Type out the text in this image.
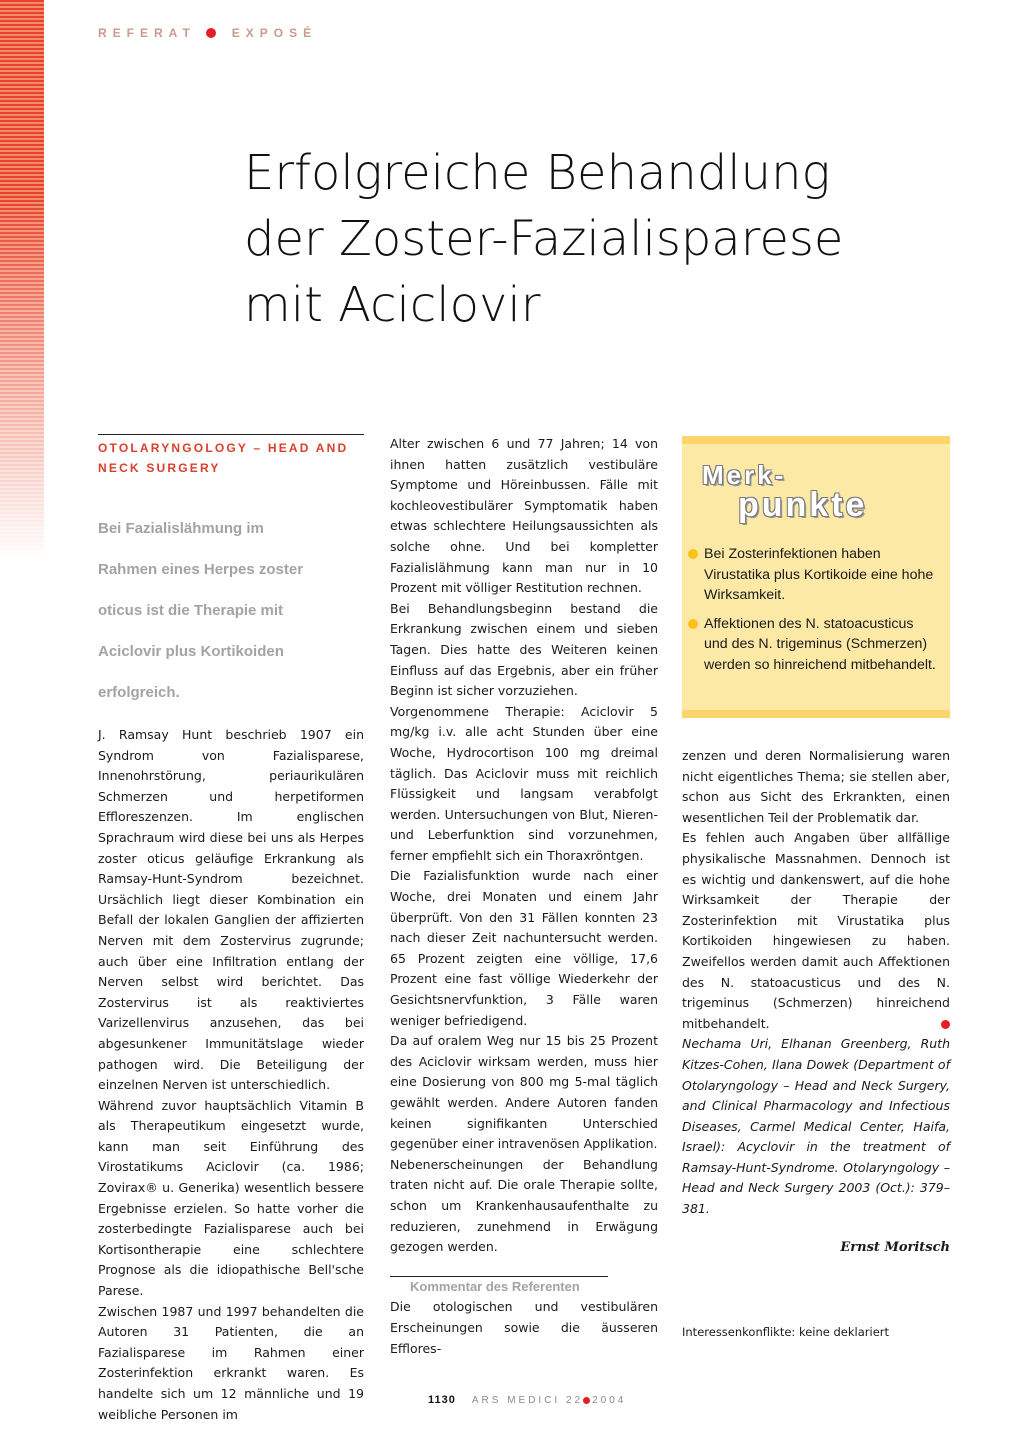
REFERAT	EXPOSÉ
Erfolgreiche Behandlung
der Zoster-Fazialisparese
mit Aciclovir
OTOLARYNGOLOGY – HEAD AND
NECK SURGERY
Bei Fazialislähmung im
Rahmen eines Herpes zoster
oticus ist die Therapie mit
Aciclovir plus Kortikoiden
erfolgreich.

J. Ramsay Hunt beschrieb 1907 ein Syndrom von Fazialisparese, Innenohrstörung, periaurikulären Schmerzen und herpetiformen Effloreszenzen. Im englischen Sprachraum wird diese bei uns als Herpes zoster oticus geläufige Erkrankung als Ramsay-Hunt-Syndrom bezeichnet. Ursächlich liegt dieser Kombination ein Befall der lokalen Ganglien der affizierten Nerven mit dem Zostervirus zugrunde; auch über eine Infiltration entlang der Nerven selbst wird berichtet. Das Zostervirus ist als reaktiviertes Varizellenvirus anzusehen, das bei abgesunkener Immunitätslage wieder pathogen wird. Die Beteiligung der einzelnen Nerven ist unterschiedlich.

Während zuvor hauptsächlich Vitamin B als Therapeutikum eingesetzt wurde, kann man seit Einführung des Virostatikums Aciclovir (ca. 1986; Zovirax® u. Generika) wesentlich bessere Ergebnisse erzielen. So hatte vorher die zosterbedingte Fazialisparese auch bei Kortisontherapie eine schlechtere Prognose als die idiopathische Bell'sche Parese.

Zwischen 1987 und 1997 behandelten die Autoren 31 Patienten, die an Fazialisparese im Rahmen einer Zosterinfektion erkrankt waren. Es handelte sich um 12 männliche und 19 weibliche Personen im

Alter zwischen 6 und 77 Jahren; 14 von ihnen hatten zusätzlich vestibuläre Symptome und Höreinbussen. Fälle mit kochleovestibulärer Symptomatik haben etwas schlechtere Heilungsaussichten als solche ohne. Und bei kompletter Fazialislähmung kann man nur in 10 Prozent mit völliger Restitution rechnen.

Bei Behandlungsbeginn bestand die Erkrankung zwischen einem und sieben Tagen. Dies hatte des Weiteren keinen Einfluss auf das Ergebnis, aber ein früher Beginn ist sicher vorzuziehen.

Vorgenommene Therapie: Aciclovir 5 mg/kg i.v. alle acht Stunden über eine Woche, Hydrocortison 100 mg dreimal täglich. Das Aciclovir muss mit reichlich Flüssigkeit und langsam verabfolgt werden. Untersuchungen von Blut, Nieren- und Leberfunktion sind vorzunehmen, ferner empfiehlt sich ein Thoraxröntgen.

Die Fazialisfunktion wurde nach einer Woche, drei Monaten und einem Jahr überprüft. Von den 31 Fällen konnten 23 nach dieser Zeit nachuntersucht werden. 65 Prozent zeigten eine völlige, 17,6 Prozent eine fast völlige Wiederkehr der Gesichtsnervfunktion, 3 Fälle waren weniger befriedigend.

Da auf oralem Weg nur 15 bis 25 Prozent des Aciclovir wirksam werden, muss hier eine Dosierung von 800 mg 5-mal täglich gewählt werden. Andere Autoren fanden keinen signifikanten Unterschied gegenüber einer intravenösen Applikation.

Nebenerscheinungen der Behandlung traten nicht auf. Die orale Therapie sollte, schon um Krankenhausaufenthalte zu reduzieren, zunehmend in Erwägung gezogen werden.

Kommentar des Referenten

Die otologischen und vestibulären Erscheinungen sowie die äusseren Efflores-

Merk-
punkte
Bei Zosterinfektionen haben Virustatika plus Kortikoide eine hohe Wirksamkeit.
Affektionen des N. statoacusticus und des N. trigeminus (Schmerzen) werden so hinreichend mitbehandelt.

zenzen und deren Normalisierung waren nicht eigentliches Thema; sie stellen aber, schon aus Sicht des Erkrankten, einen wesentlichen Teil der Problematik dar.

Es fehlen auch Angaben über allfällige physikalische Massnahmen. Dennoch ist es wichtig und dankenswert, auf die hohe Wirksamkeit der Therapie der Zosterinfektion mit Virustatika plus Kortikoiden hingewiesen zu haben. Zweifellos werden damit auch Affektionen des N. statoacusticus und des N. trigeminus (Schmerzen) hinreichend mitbehandelt.

Nechama Uri, Elhanan Greenberg, Ruth Kitzes-Cohen, Ilana Dowek (Department of Otolaryngology – Head and Neck Surgery, and Clinical Pharmacology and Infectious Diseases, Carmel Medical Center, Haifa, Israel): Acyclovir in the treatment of Ramsay-Hunt-Syndrome. Otolaryngology – Head and Neck Surgery 2003 (Oct.): 379–381.

Ernst Moritsch
Interessenkonflikte: keine deklariert
1130 ARS MEDICI 22 2004
